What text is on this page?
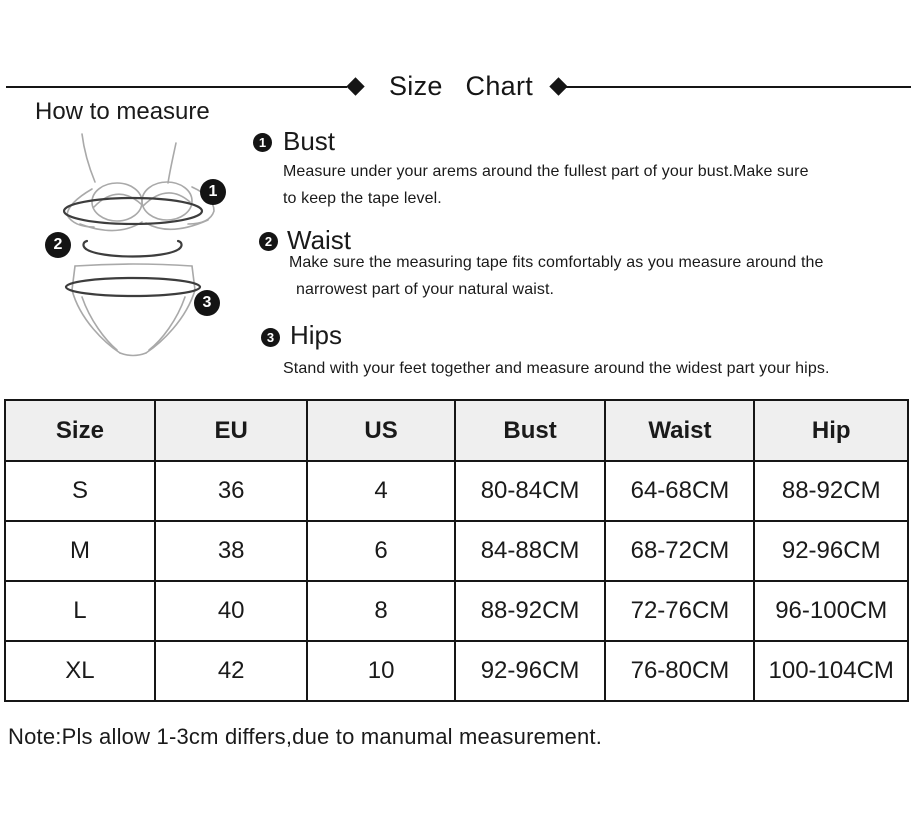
Size Chart
How to measure
1
2
3
1 Bust
Measure under your arems around the fullest part of your bust.Make sure
to keep the tape level.
2 Waist
Make sure the measuring tape fits comfortably as you measure around the
narrowest part of your natural waist.
3 Hips
Stand with your feet together and measure around the widest part your hips.
Size	EU	US	Bust	Waist	Hip
S	36	4	80-84CM	64-68CM	88-92CM
M	38	6	84-88CM	68-72CM	92-96CM
L	40	8	88-92CM	72-76CM	96-100CM
XL	42	10	92-96CM	76-80CM	100-104CM
Note:Pls allow 1-3cm differs,due to manumal measurement.
